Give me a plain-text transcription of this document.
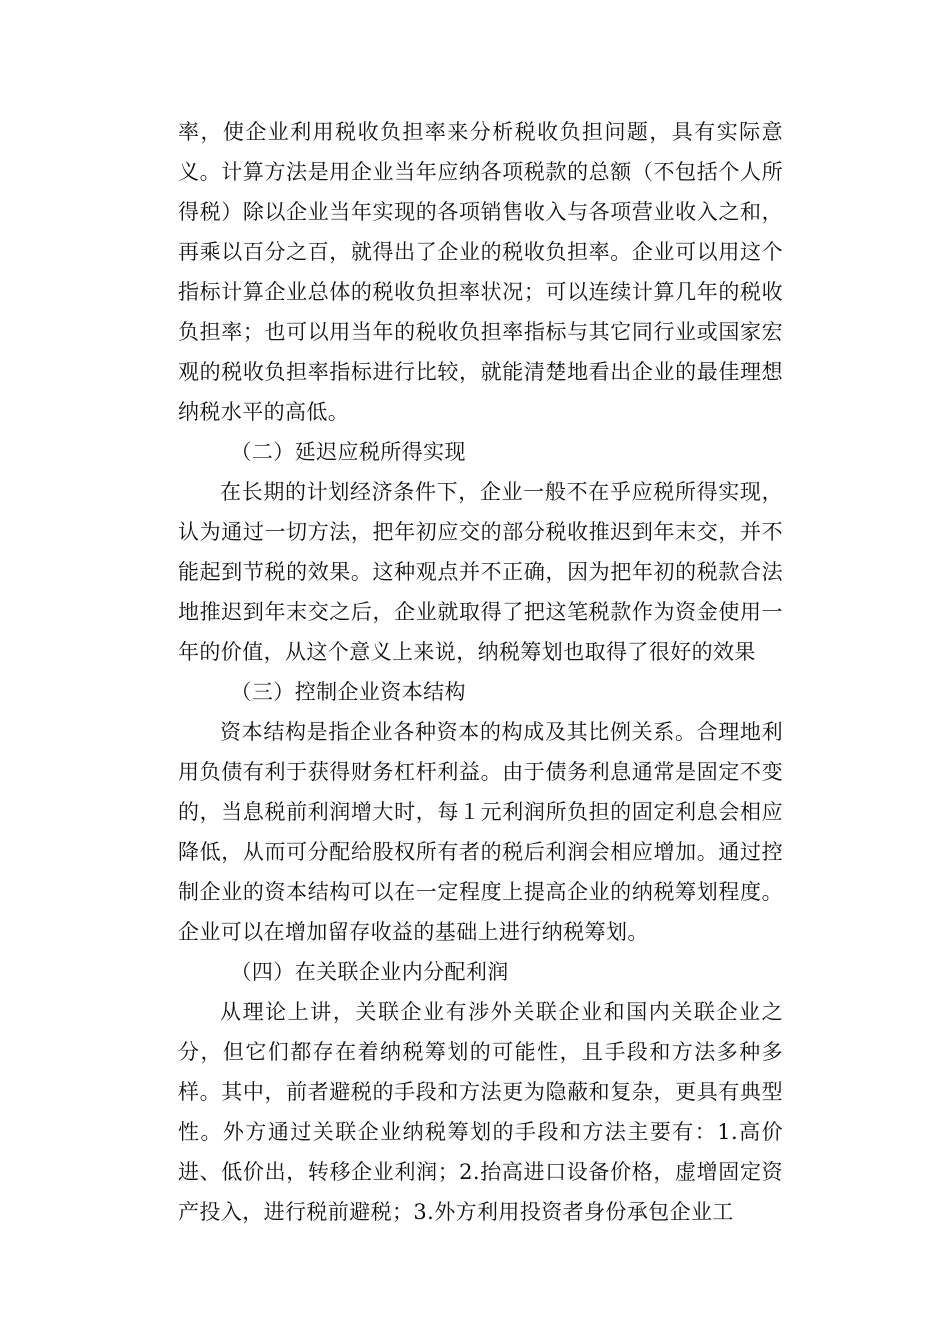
率，使企业利用税收负担率来分析税收负担问题，具有实际意义。计算方法是用企业当年应纳各项税款的总额（不包括个人所得税）除以企业当年实现的各项销售收入与各项营业收入之和，再乘以百分之百，就得出了企业的税收负担率。企业可以用这个指标计算企业总体的税收负担率状况；可以连续计算几年的税收负担率；也可以用当年的税收负担率指标与其它同行业或国家宏观的税收负担率指标进行比较，就能清楚地看出企业的最佳理想纳税水平的高低。

（二）延迟应税所得实现

在长期的计划经济条件下，企业一般不在乎应税所得实现，认为通过一切方法，把年初应交的部分税收推迟到年末交，并不能起到节税的效果。这种观点并不正确，因为把年初的税款合法地推迟到年末交之后，企业就取得了把这笔税款作为资金使用一年的价值，从这个意义上来说，纳税筹划也取得了很好的效果

（三）控制企业资本结构

资本结构是指企业各种资本的构成及其比例关系。合理地利用负债有利于获得财务杠杆利益。由于债务利息通常是固定不变的，当息税前利润增大时，每１元利润所负担的固定利息会相应降低，从而可分配给股权所有者的税后利润会相应增加。通过控制企业的资本结构可以在一定程度上提高企业的纳税筹划程度。企业可以在增加留存收益的基础上进行纳税筹划。

（四）在关联企业内分配利润

从理论上讲，关联企业有涉外关联企业和国内关联企业之分，但它们都存在着纳税筹划的可能性，且手段和方法多种多样。其中，前者避税的手段和方法更为隐蔽和复杂，更具有典型性。外方通过关联企业纳税筹划的手段和方法主要有：1.高价进、低价出，转移企业利润；2.抬高进口设备价格，虚增固定资产投入，进行税前避税；3.外方利用投资者身份承包企业工
